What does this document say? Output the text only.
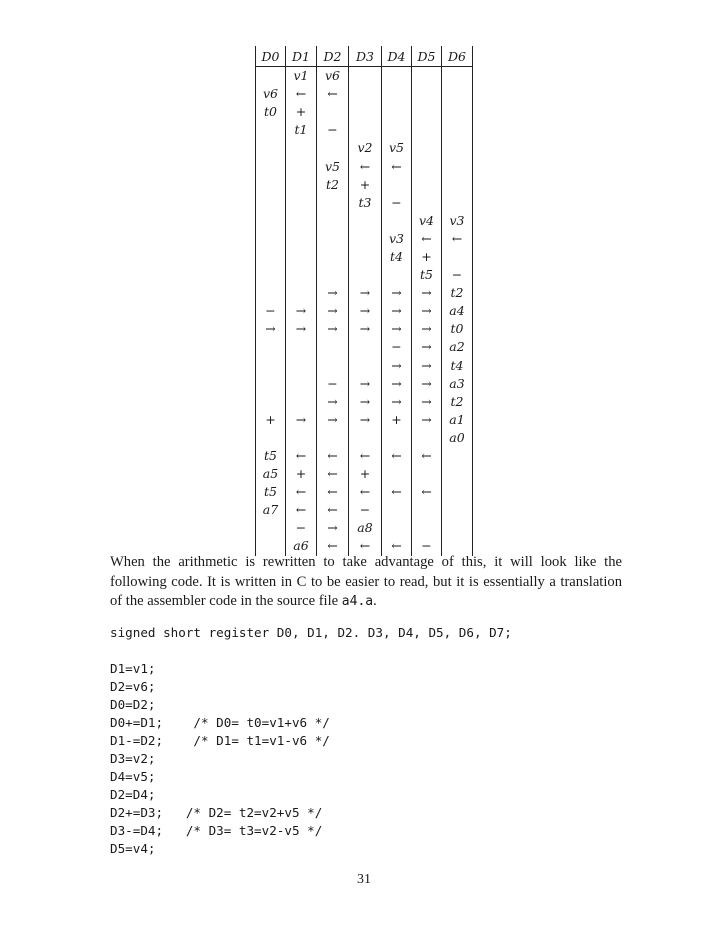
D0	D1	D2	D3	D4	D5	D6
	v1	v6				
v6	←	←				
t0	+					
	t1	−				
			v2	v5		
		v5	←	←		
		t2	+			
			t3	−		
					v4	v3
				v3	←	←
				t4	+	
					t5	−
		→	→	→	→	t2
−	→	→	→	→	→	a4
→	→	→	→	→	→	t0
				−	→	a2
				→	→	t4
		−	→	→	→	a3
		→	→	→	→	t2
+	→	→	→	+	→	a1
						a0
t5	←	←	←	←	←	
a5	+	←	+			
t5	←	←	←	←	←	
a7	←	←	−			
	−	→	a8			
	a6	←	←	←	−	

When the arithmetic is rewritten to take advantage of this, it will look like the following code. It is written in C to be easier to read, but it is essentially a translation of the assembler code in the source file a4.a.

signed short register D0, D1, D2. D3, D4, D5, D6, D7;
D1=v1;
D2=v6;
D0=D2;
D0+=D1;    /* D0= t0=v1+v6 */
D1-=D2;    /* D1= t1=v1-v6 */
D3=v2;
D4=v5;
D2=D4;
D2+=D3;   /* D2= t2=v2+v5 */
D3-=D4;   /* D3= t3=v2-v5 */
D5=v4;
31
